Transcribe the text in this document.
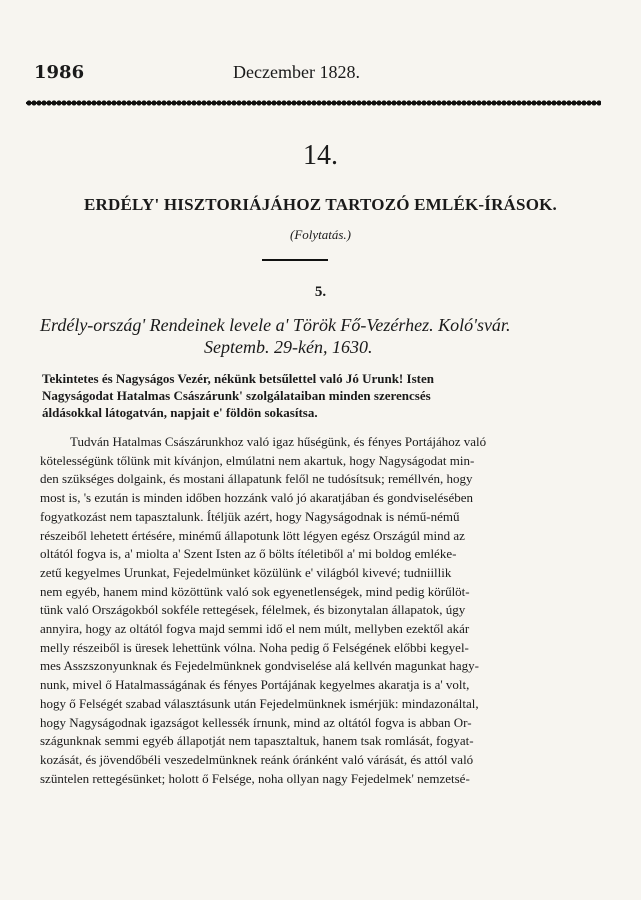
1986	Deczember 1828.
14.
ERDÉLY' HISZTORIÁJÁHOZ TARTOZÓ EMLÉK-ÍRÁSOK.
(Folytatás.)
5.
Erdély-ország' Rendeinek levele a' Török Fő-Vezérhez. Koló'svár.
Septemb. 29-kén, 1630.
Tekintetes és Nagyságos Vezér, nékünk betsűlettel való Jó Urunk! Isten
Nagyságodat Hatalmas Császárunk' szolgálataiban minden szerencsés
áldásokkal látogatván, napjait e' földön sokasítsa.
Tudván Hatalmas Császárunkhoz való igaz hűségünk, és fényes Portájához való
kötelességünk tőlünk mit kívánjon, elmúlatni nem akartuk, hogy Nagyságodat min-
den szükséges dolgaink, és mostani állapatunk felől ne tudósítsuk; reméllvén, hogy
most is, 's ezután is minden időben hozzánk való jó akaratjában és gondviselésében
fogyatkozást nem tapasztalunk. Ítéljük azért, hogy Nagyságodnak is némű-némű
részeiből lehetett értésére, minémű állapotunk lött légyen egész Országúl mind az
oltától fogva is, a' miolta a' Szent Isten az ő bölts ítéletiből a' mi boldog emléke-
zetű kegyelmes Urunkat, Fejedelmünket közülünk e' világból kivevé; tudniillik
nem egyéb, hanem mind közöttünk való sok egyenetlenségek, mind pedig körűlöt-
tünk való Országokból sokféle rettegések, félelmek, és bizonytalan állapatok, úgy
annyira, hogy az oltától fogva majd semmi idő el nem múlt, mellyben ezektől akár
melly részeiből is üresek lehettünk vólna. Noha pedig ő Felségének előbbi kegyel-
mes Asszszonyunknak és Fejedelmünknek gondviselése alá kellvén magunkat hagy-
nunk, mivel ő Hatalmasságának és fényes Portájának kegyelmes akaratja is a' volt,
hogy ő Felségét szabad választásunk után Fejedelmünknek ismérjük: mindazonáltal,
hogy Nagyságodnak igazságot kellessék írnunk, mind az oltától fogva is abban Or-
szágunknak semmi egyéb állapotját nem tapasztaltuk, hanem tsak romlását, fogyat-
kozását, és jövendőbéli veszedelmünknek reánk óránként való várását, és attól való
szüntelen rettegésünket; holott ő Felsége, noha ollyan nagy Fejedelmek' nemzetsé-
